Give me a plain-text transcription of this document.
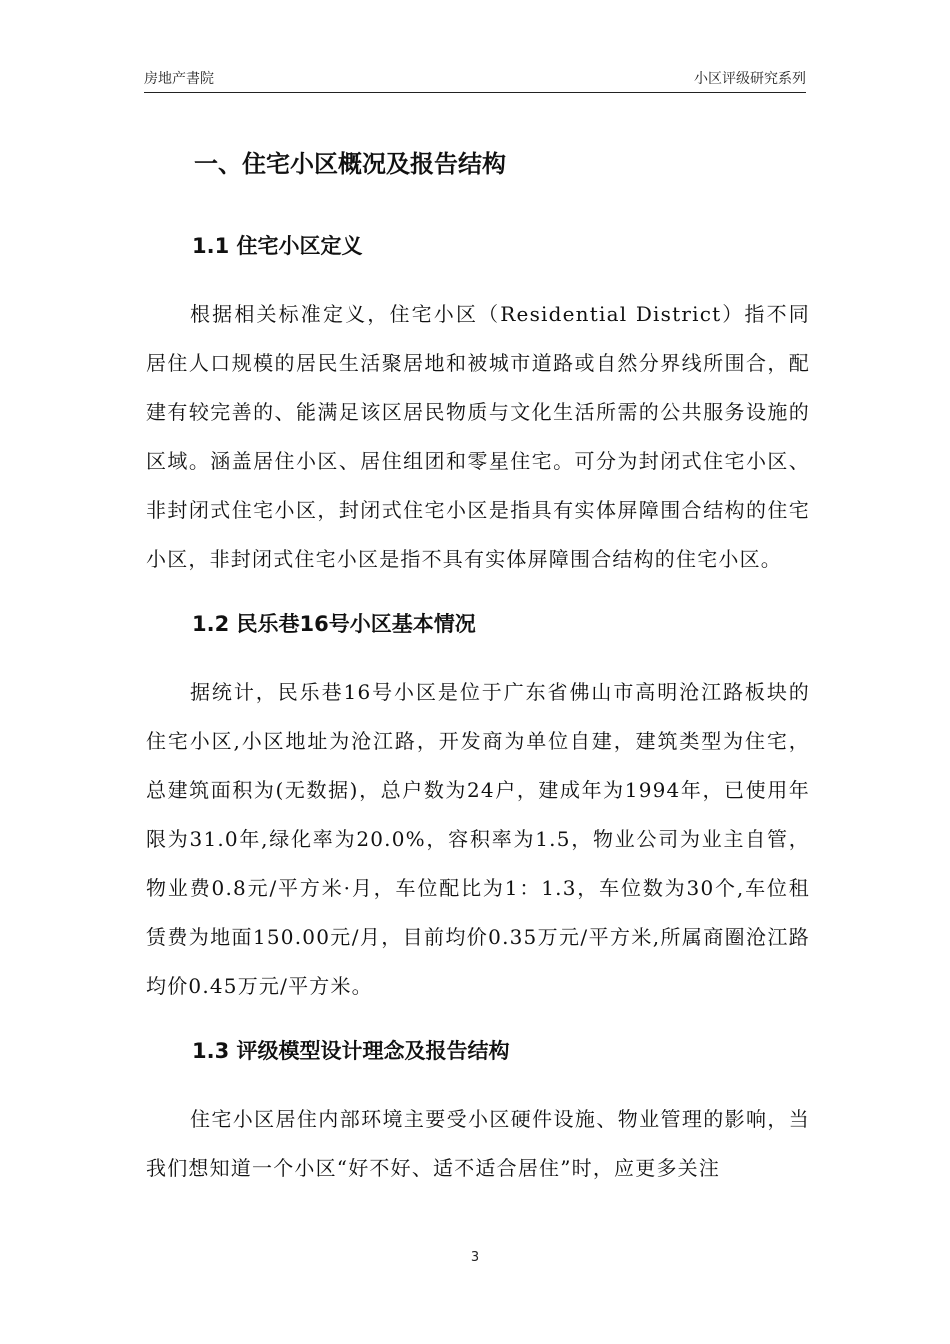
房地产書院	小区评级研究系列
一、住宅小区概况及报告结构
1.1 住宅小区定义

根据相关标准定义，住宅小区（Residential District）指不同居住人口规模的居民生活聚居地和被城市道路或自然分界线所围合，配建有较完善的、能满足该区居民物质与文化生活所需的公共服务设施的区域。涵盖居住小区、居住组团和零星住宅。可分为封闭式住宅小区、非封闭式住宅小区，封闭式住宅小区是指具有实体屏障围合结构的住宅小区，非封闭式住宅小区是指不具有实体屏障围合结构的住宅小区。

1.2 民乐巷16号小区基本情况

据统计，民乐巷16号小区是位于广东省佛山市高明沧江路板块的住宅小区,小区地址为沧江路，开发商为单位自建，建筑类型为住宅，总建筑面积为(无数据)，总户数为24户，建成年为1994年，已使用年限为31.0年,绿化率为20.0%，容积率为1.5，物业公司为业主自管，物业费0.8元/平方米·月，车位配比为1：1.3，车位数为30个,车位租赁费为地面150.00元/月，目前均价0.35万元/平方米,所属商圈沧江路均价0.45万元/平方米。

1.3 评级模型设计理念及报告结构

住宅小区居住内部环境主要受小区硬件设施、物业管理的影响，当我们想知道一个小区“好不好、适不适合居住”时，应更多关注

3
